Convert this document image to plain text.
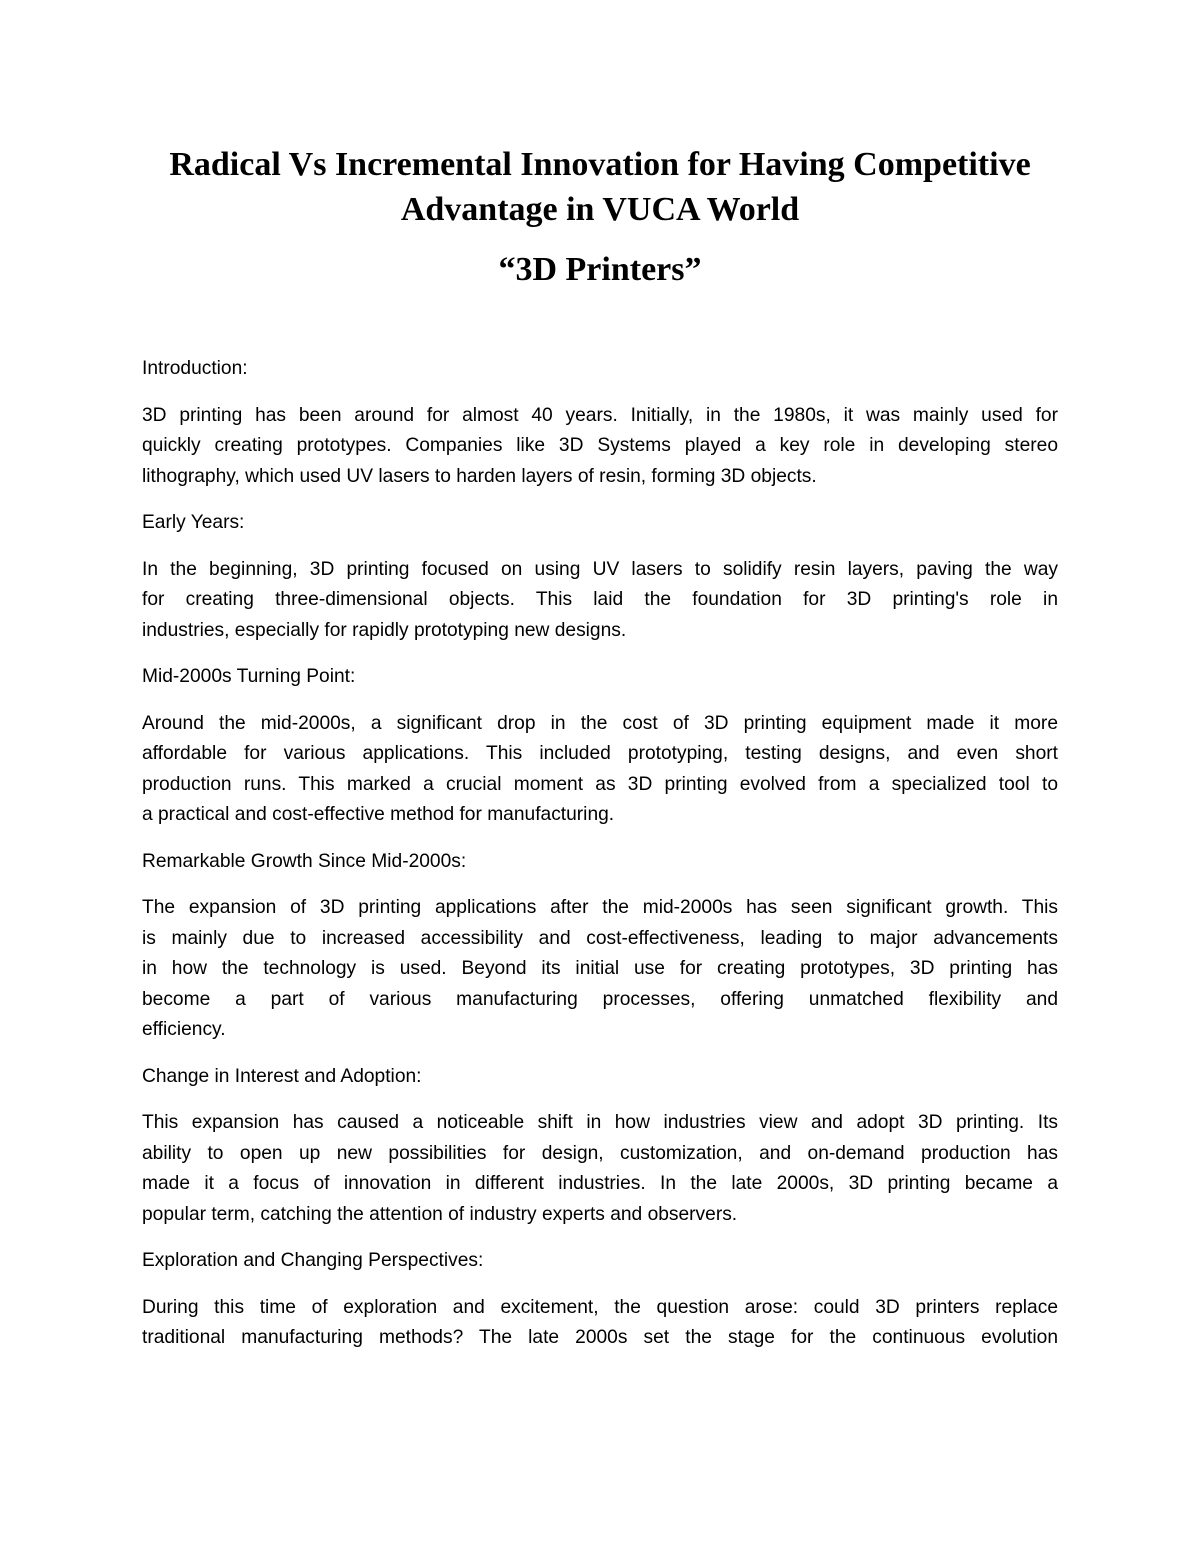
Radical Vs Incremental Innovation for Having Competitive
Advantage in VUCA World
“3D Printers”
Introduction:
3D printing has been around for almost 40 years. Initially, in the 1980s, it was mainly used for
quickly creating prototypes. Companies like 3D Systems played a key role in developing stereo
lithography, which used UV lasers to harden layers of resin, forming 3D objects.
Early Years:
In the beginning, 3D printing focused on using UV lasers to solidify resin layers, paving the way
for creating three-dimensional objects. This laid the foundation for 3D printing's role in
industries, especially for rapidly prototyping new designs.
Mid-2000s Turning Point:
Around the mid-2000s, a significant drop in the cost of 3D printing equipment made it more
affordable for various applications. This included prototyping, testing designs, and even short
production runs. This marked a crucial moment as 3D printing evolved from a specialized tool to
a practical and cost-effective method for manufacturing.
Remarkable Growth Since Mid-2000s:
The expansion of 3D printing applications after the mid-2000s has seen significant growth. This
is mainly due to increased accessibility and cost-effectiveness, leading to major advancements
in how the technology is used. Beyond its initial use for creating prototypes, 3D printing has
become a part of various manufacturing processes, offering unmatched flexibility and
efficiency.
Change in Interest and Adoption:
This expansion has caused a noticeable shift in how industries view and adopt 3D printing. Its
ability to open up new possibilities for design, customization, and on-demand production has
made it a focus of innovation in different industries. In the late 2000s, 3D printing became a
popular term, catching the attention of industry experts and observers.
Exploration and Changing Perspectives:
During this time of exploration and excitement, the question arose: could 3D printers replace
traditional manufacturing methods? The late 2000s set the stage for the continuous evolution
